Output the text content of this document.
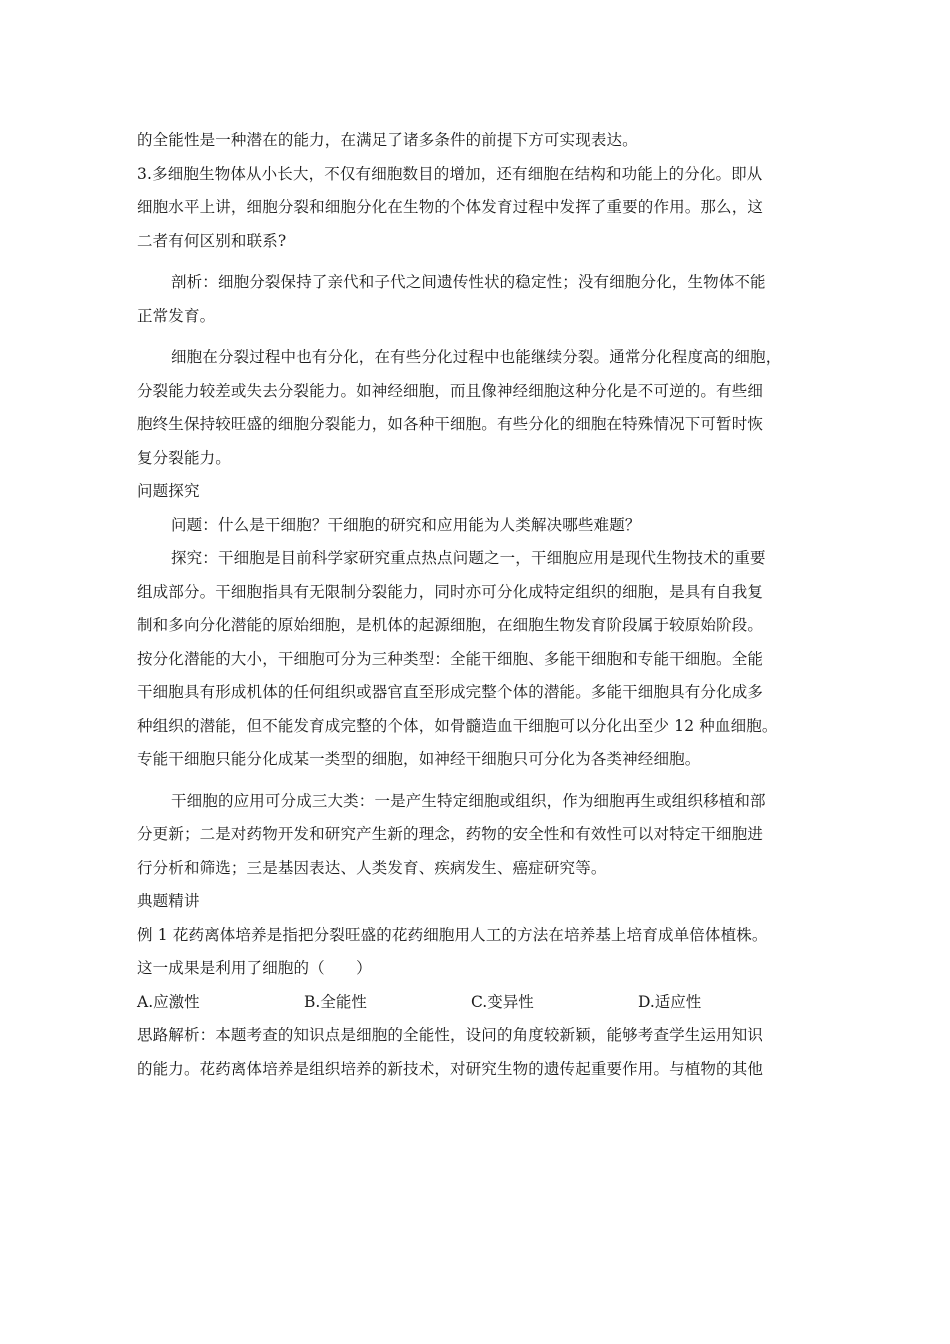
的全能性是一种潜在的能力，在满足了诸多条件的前提下方可实现表达。
3.多细胞生物体从小长大，不仅有细胞数目的增加，还有细胞在结构和功能上的分化。即从
细胞水平上讲，细胞分裂和细胞分化在生物的个体发育过程中发挥了重要的作用。那么，这
二者有何区别和联系?
剖析：细胞分裂保持了亲代和子代之间遗传性状的稳定性；没有细胞分化，生物体不能
正常发育。
细胞在分裂过程中也有分化，在有些分化过程中也能继续分裂。通常分化程度高的细胞，
分裂能力较差或失去分裂能力。如神经细胞，而且像神经细胞这种分化是不可逆的。有些细
胞终生保持较旺盛的细胞分裂能力，如各种干细胞。有些分化的细胞在特殊情况下可暂时恢
复分裂能力。
问题探究
问题：什么是干细胞？干细胞的研究和应用能为人类解决哪些难题？
探究：干细胞是目前科学家研究重点热点问题之一，干细胞应用是现代生物技术的重要
组成部分。干细胞指具有无限制分裂能力，同时亦可分化成特定组织的细胞，是具有自我复
制和多向分化潜能的原始细胞，是机体的起源细胞，在细胞生物发育阶段属于较原始阶段。
按分化潜能的大小，干细胞可分为三种类型：全能干细胞、多能干细胞和专能干细胞。全能
干细胞具有形成机体的任何组织或器官直至形成完整个体的潜能。多能干细胞具有分化成多
种组织的潜能，但不能发育成完整的个体，如骨髓造血干细胞可以分化出至少 12 种血细胞。
专能干细胞只能分化成某一类型的细胞，如神经干细胞只可分化为各类神经细胞。
干细胞的应用可分成三大类：一是产生特定细胞或组织，作为细胞再生或组织移植和部
分更新；二是对药物开发和研究产生新的理念，药物的安全性和有效性可以对特定干细胞进
行分析和筛选；三是基因表达、人类发育、疾病发生、癌症研究等。
典题精讲
例 1 花药离体培养是指把分裂旺盛的花药细胞用人工的方法在培养基上培育成单倍体植株。
这一成果是利用了细胞的（　　）
A.应激性	B.全能性	C.变异性	D.适应性
思路解析：本题考查的知识点是细胞的全能性，设问的角度较新颖，能够考查学生运用知识
的能力。花药离体培养是组织培养的新技术，对研究生物的遗传起重要作用。与植物的其他
